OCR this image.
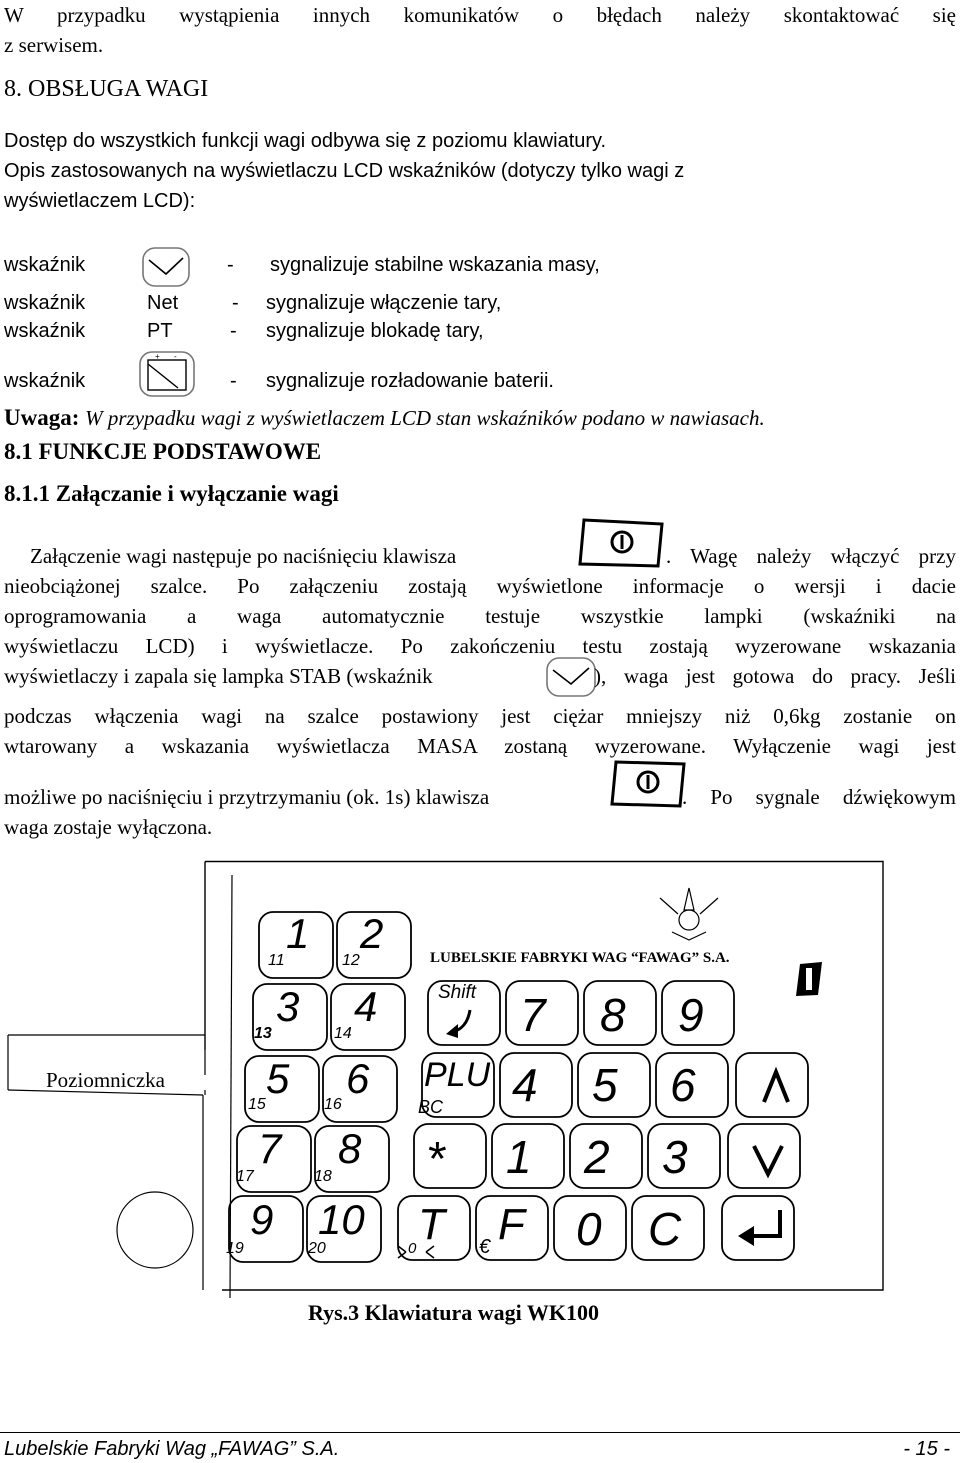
W przypadku wystąpienia innych komunikatów o błędach należy skontaktować się
z serwisem.
8. OBSŁUGA WAGI
Dostęp do wszystkich funkcji wagi odbywa się z poziomu klawiatury.
Opis zastosowanych na wyświetlaczu LCD wskaźników (dotyczy tylko wagi z
wyświetlaczem LCD):
wskaźnik	- sygnalizuje stabilne wskazania masy,
wskaźnik	Net	- sygnalizuje włączenie tary,
wskaźnik	PT	- sygnalizuje blokadę tary,
+ -
wskaźnik	- sygnalizuje rozładowanie baterii.
Uwaga: W przypadku wagi z wyświetlaczem LCD stan wskaźników podano w nawiasach.
8.1 FUNKCJE PODSTAWOWE
8.1.1 Załączanie i wyłączanie wagi
Załączenie wagi następuje po naciśnięciu klawisza	. Wagę należy włączyć przy
nieobciążonej szalce. Po załączeniu zostają wyświetlone informacje o wersji i dacie
oprogramowania a waga automatycznie testuje wszystkie lampki (wskaźniki na
wyświetlaczu LCD) i wyświetlacze. Po zakończeniu testu zostają wyzerowane wskazania
wyświetlaczy i zapala się lampka STAB (wskaźnik	), waga jest gotowa do pracy. Jeśli
podczas włączenia wagi na szalce postawiony jest ciężar mniejszy niż 0,6kg zostanie on
wtarowany a wskazania wyświetlacza MASA zostaną wyzerowane. Wyłączenie wagi jest
możliwe po naciśnięciu i przytrzymaniu (ok. 1s) klawisza	. Po sygnale dźwiękowym
waga zostaje wyłączona.
Poziomniczka
LUBELSKIE FABRYKI WAG “FAWAG” S.A.
1
11
2
12
3
13
4
14
5
15
6
16
7
17
8
18
9
19
10
20
Shift 7 8 9
PLU
BC 4 5 6
* 1 2 3
T
0 F
€ 0 C
Rys.3 Klawiatura wagi WK100
Lubelskie Fabryki Wag „FAWAG” S.A.	- 15 -
